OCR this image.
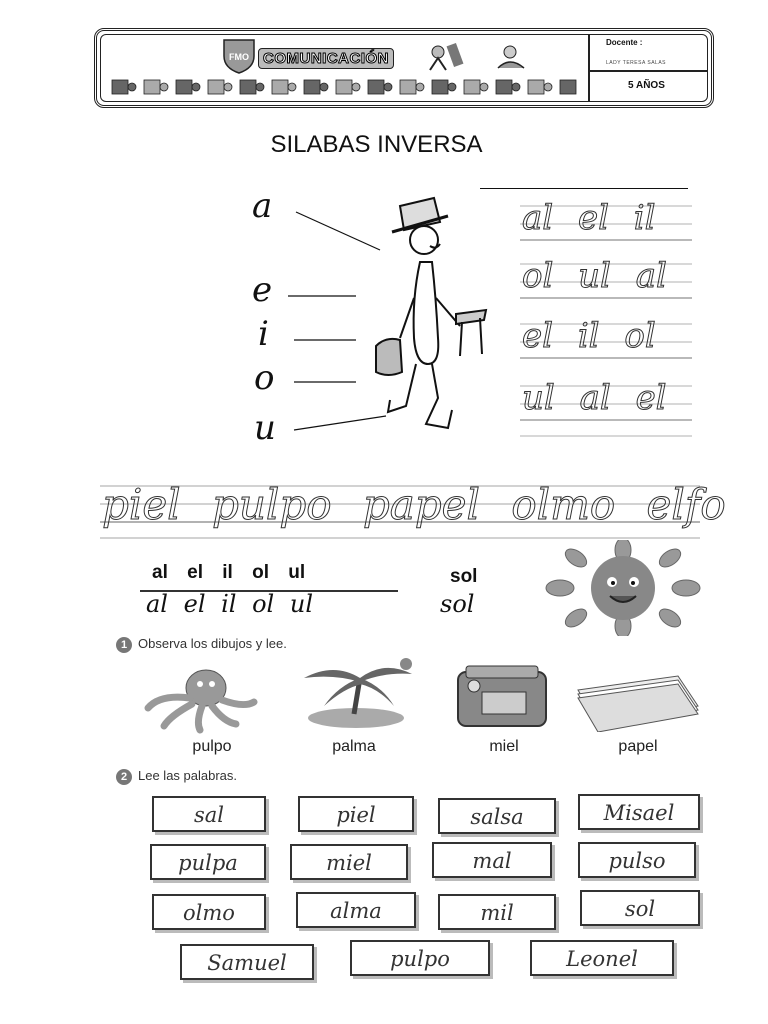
FMO COMUNICACIÓN
Docente :
LADY TERESA SALAS
5 AÑOS
SILABAS INVERSA
a
e
i
o
u
al el il
ol ul al
el il ol
ul al el
piel pulpo papel olmo elfo
al el il ol ul
al el il ol ul
sol
sol
1 Observa los dibujos y lee.
pulpo	palma	miel	papel
2 Lee las palabras.
sal	piel	salsa	Misael
pulpa	miel	mal	pulso
olmo	alma	mil	sol
Samuel	pulpo	Leonel
